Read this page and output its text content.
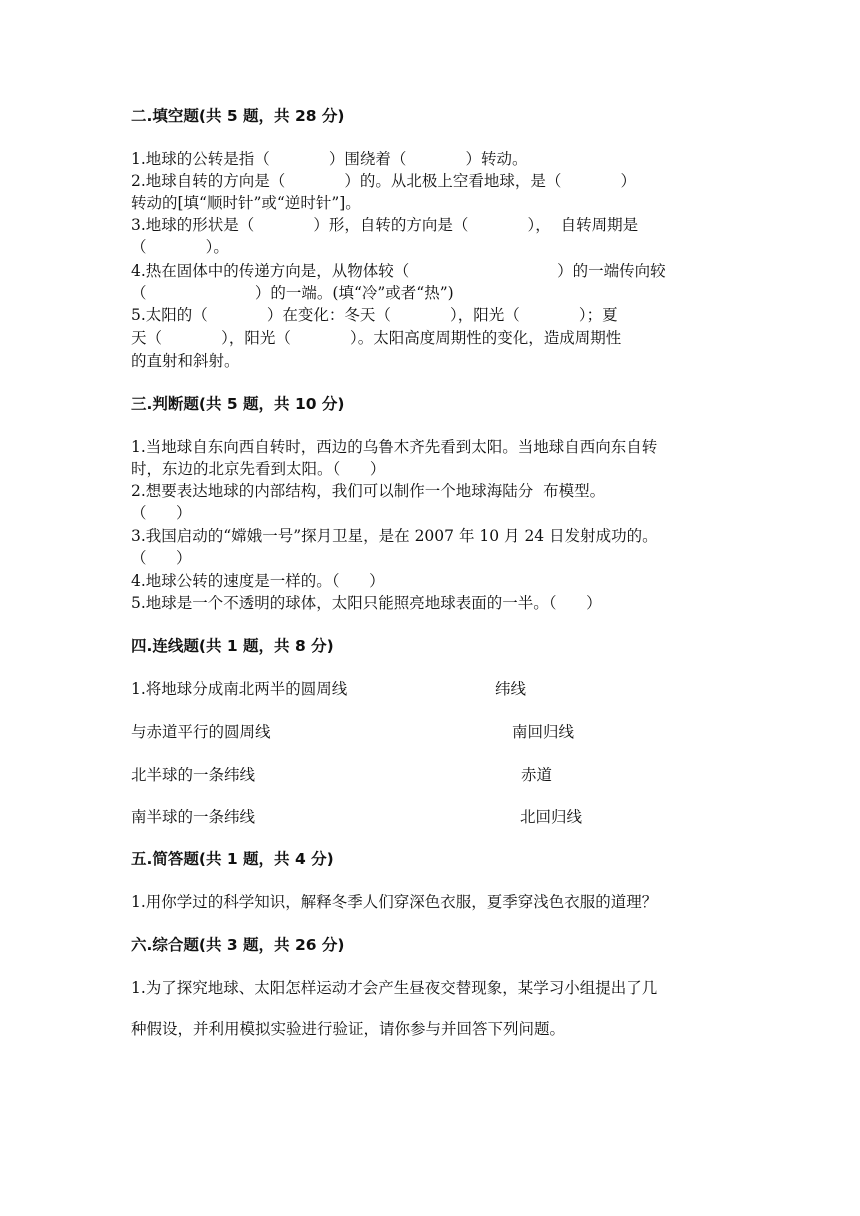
二.填空题(共 5 题，共 28 分)
1.地球的公转是指（            ）围绕着（            ）转动。
2.地球自转的方向是（            ）的。从北极上空看地球，是（            ）
转动的[填“顺时针”或“逆时针”]。
3.地球的形状是（            ）形，自转的方向是（            ），  自转周期是
（            ）。
4.热在固体中的传递方向是，从物体较（                              ）的一端传向较
（                      ）的一端。(填“冷”或者“热”)
5.太阳的（            ）在变化：冬天（            ），阳光（            ）；夏
天（            ），阳光（            ）。太阳高度周期性的变化，造成周期性
的直射和斜射。
三.判断题(共 5 题，共 10 分)
1.当地球自东向西自转时，西边的乌鲁木齐先看到太阳。当地球自西向东自转
时，东边的北京先看到太阳。（      ）
2.想要表达地球的内部结构，我们可以制作一个地球海陆分  布模型。
（      ）
3.我国启动的“嫦娥一号”探月卫星，是在 2007 年 10 月 24 日发射成功的。
（      ）
4.地球公转的速度是一样的。（      ）
5.地球是一个不透明的球体，太阳只能照亮地球表面的一半。（      ）
四.连线题(共 1 题，共 8 分)
1.将地球分成南北两半的圆周线	纬线
与赤道平行的圆周线	南回归线
北半球的一条纬线	赤道
南半球的一条纬线	北回归线
五.简答题(共 1 题，共 4 分)
1.用你学过的科学知识，解释冬季人们穿深色衣服，夏季穿浅色衣服的道理？
六.综合题(共 3 题，共 26 分)
1.为了探究地球、太阳怎样运动才会产生昼夜交替现象，某学习小组提出了几
种假设，并利用模拟实验进行验证，请你参与并回答下列问题。
